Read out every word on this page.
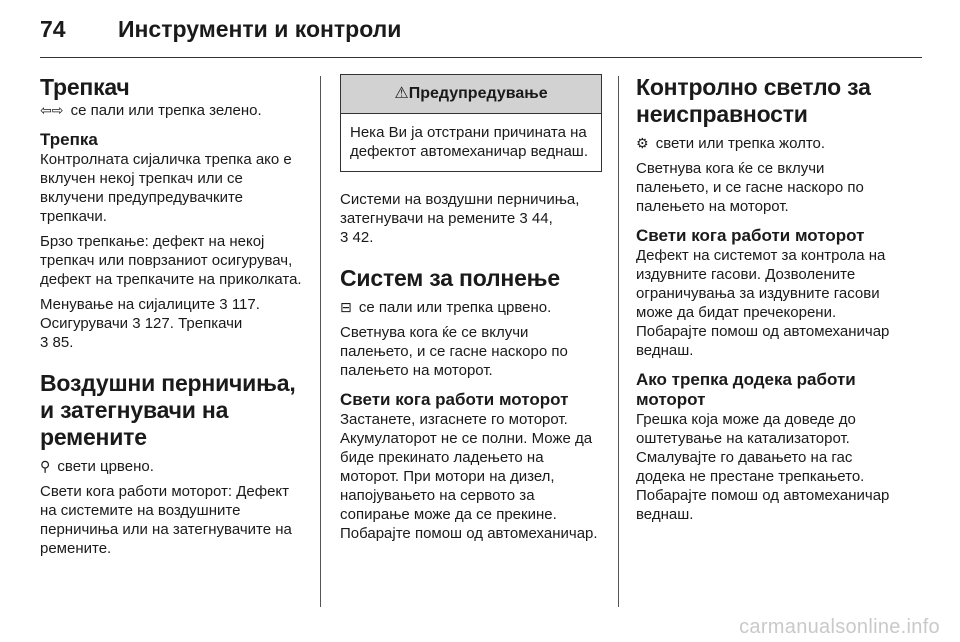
74 Инструменти и контроли
Трепкач

⇦⇨ се пали или трепка зелено.

Трепка

Контролната сијаличка трепка ако е вклучен некој трепкач или се вклучени предупредувачките трепкачи.

Брзо трепкање: дефект на некој трепкач или поврзаниот осигурувач, дефект на трепкачите на приколката.

Менување на сијалиците 3 117.
Осигурувачи 3 127. Трепкачи
3 85.

Воздушни перничиња, и затегнувачи на ремените

⚲ свети црвено.

Свети кога работи моторот: Дефект на системите на воздушните перничиња или на затегнувачите на ремените.

⚠Предупредување
Нека Ви ја отстрани причината на дефектот автомеханичар веднаш.

Системи на воздушни перничиња, затегнувачи на ремените 3 44,
3 42.

Систем за полнење

⊟ се пали или трепка црвено.

Светнува кога ќе се вклучи палењето, и се гасне наскоро по палењето на моторот.

Свети кога работи моторот

Застанете, изгаснете го моторот. Акумулаторот не се полни. Може да биде прекинато ладењето на моторот. При мотори на дизел, напојувањето на сервото за сопирање може да се прекине. Побарајте помош од автомеханичар.

Контролно светло за неисправности

⚙ свети или трепка жолто.

Светнува кога ќе се вклучи палењето, и се гасне наскоро по палењето на моторот.

Свети кога работи моторот

Дефект на системот за контрола на издувните гасови. Дозволените ограничувања за издувните гасови може да бидат пречекорени. Побарајте помош од автомеханичар веднаш.

Ако трепка додека работи моторот

Грешка која може да доведе до оштетување на катализаторот. Смалувајте го давањето на гас додека не престане трепкањето. Побарајте помош од автомеханичар веднаш.

carmanualsonline.info
